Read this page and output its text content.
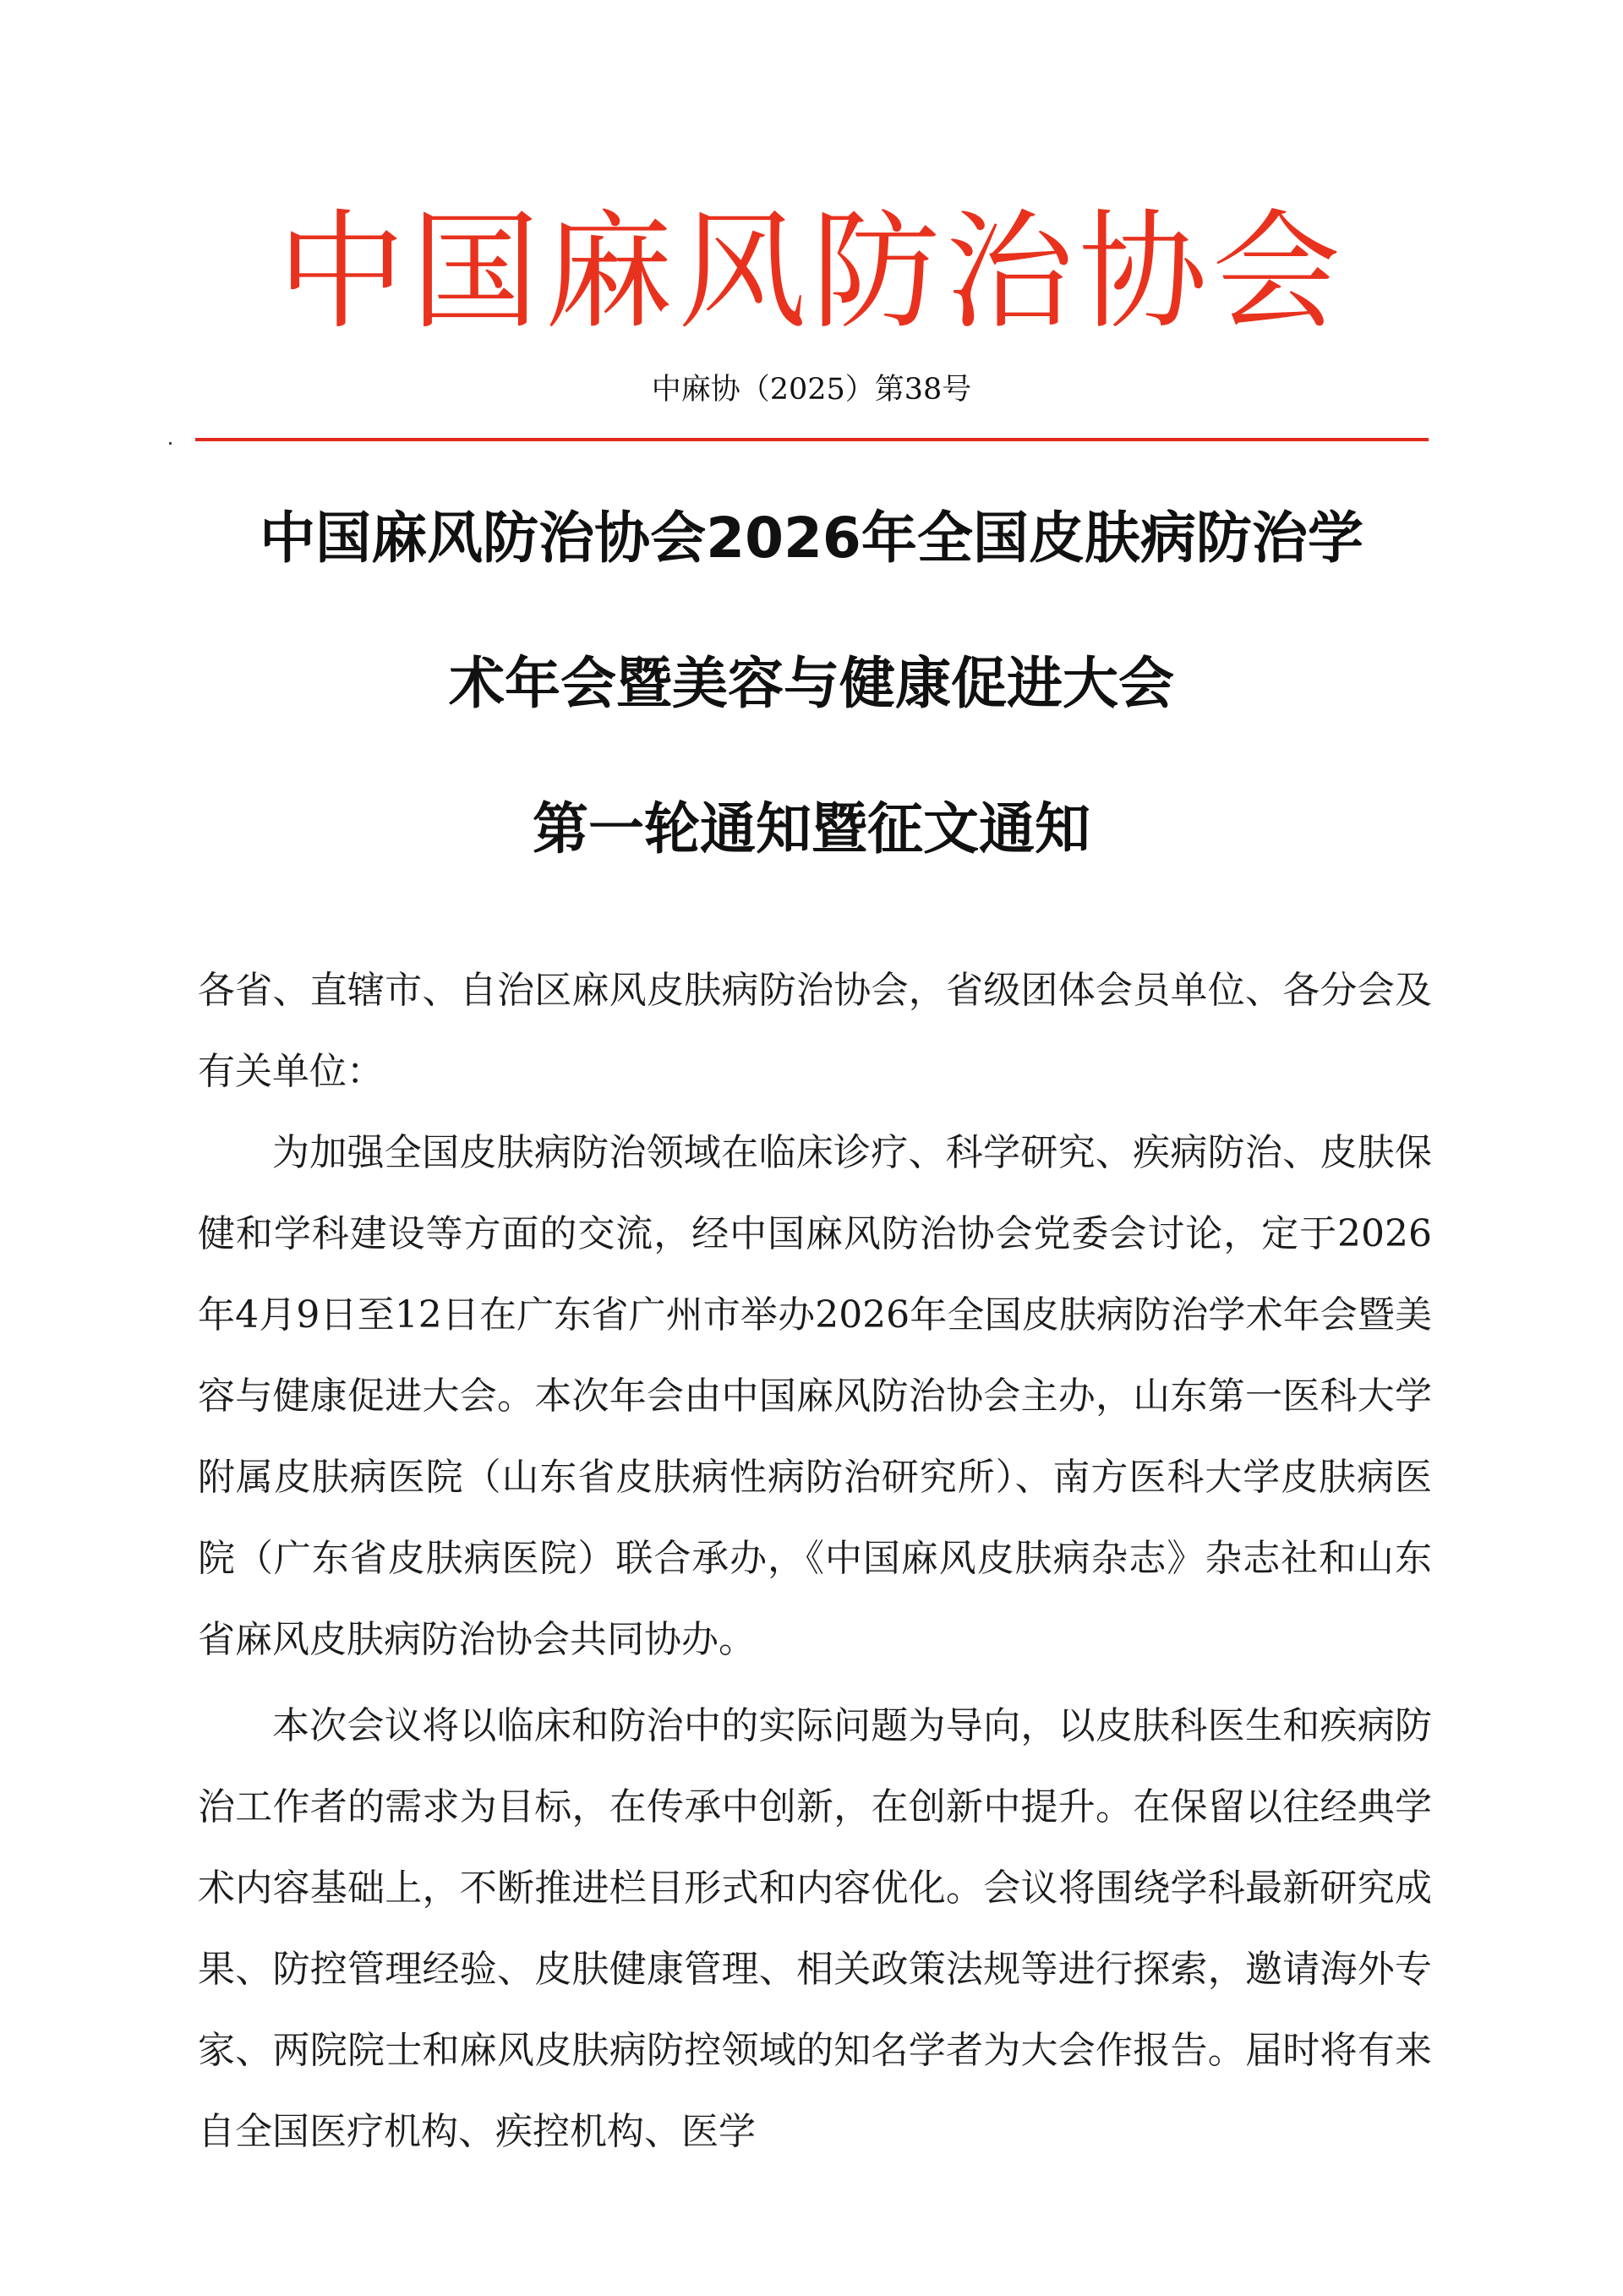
中国麻风防治协会
中麻协（2025）第38号
中国麻风防治协会2026年全国皮肤病防治学
术年会暨美容与健康促进大会
第一轮通知暨征文通知

各省、直辖市、自治区麻风皮肤病防治协会，省级团体会员单位、各分会及有关单位：

为加强全国皮肤病防治领域在临床诊疗、科学研究、疾病防治、皮肤保健和学科建设等方面的交流，经中国麻风防治协会党委会讨论，定于2026年4月9日至12日在广东省广州市举办2026年全国皮肤病防治学术年会暨美容与健康促进大会。本次年会由中国麻风防治协会主办，山东第一医科大学附属皮肤病医院（山东省皮肤病性病防治研究所）、南方医科大学皮肤病医院（广东省皮肤病医院）联合承办，《中国麻风皮肤病杂志》杂志社和山东省麻风皮肤病防治协会共同协办。

本次会议将以临床和防治中的实际问题为导向，以皮肤科医生和疾病防治工作者的需求为目标，在传承中创新，在创新中提升。在保留以往经典学术内容基础上，不断推进栏目形式和内容优化。会议将围绕学科最新研究成果、防控管理经验、皮肤健康管理、相关政策法规等进行探索，邀请海外专家、两院院士和麻风皮肤病防控领域的知名学者为大会作报告。届时将有来自全国医疗机构、疾控机构、医学
